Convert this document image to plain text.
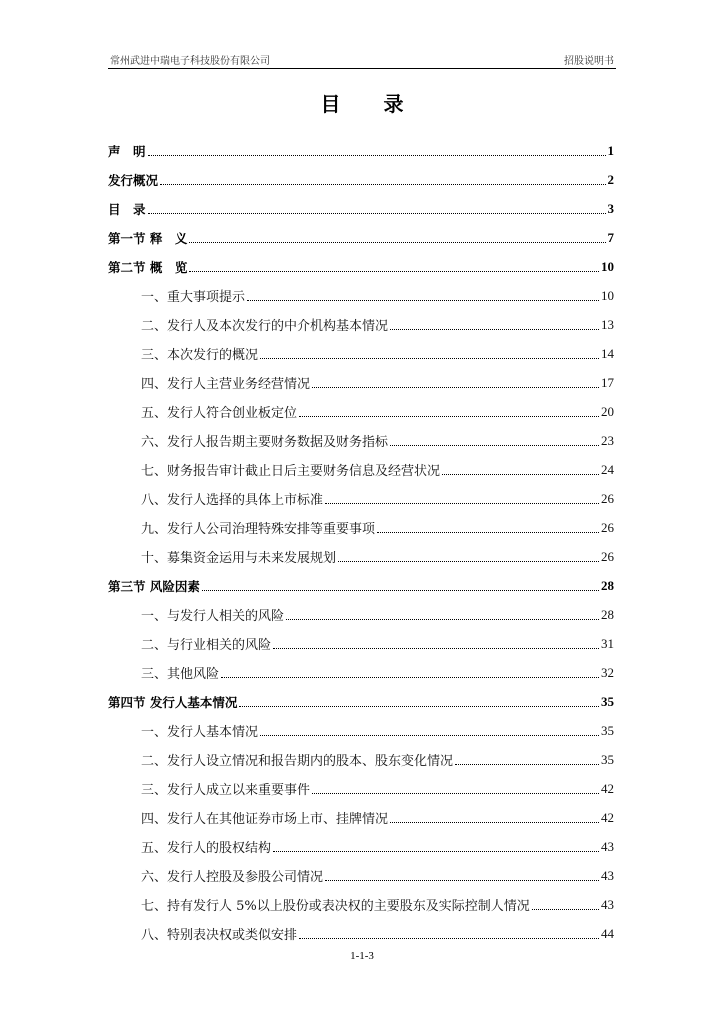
常州武进中瑞电子科技股份有限公司	招股说明书
目 录
声　明	1
发行概况	2
目　录	3
第一节 释　义	7
第二节 概　览	10
一、重大事项提示	10
二、发行人及本次发行的中介机构基本情况	13
三、本次发行的概况	14
四、发行人主营业务经营情况	17
五、发行人符合创业板定位	20
六、发行人报告期主要财务数据及财务指标	23
七、财务报告审计截止日后主要财务信息及经营状况	24
八、发行人选择的具体上市标准	26
九、发行人公司治理特殊安排等重要事项	26
十、募集资金运用与未来发展规划	26
第三节 风险因素	28
一、与发行人相关的风险	28
二、与行业相关的风险	31
三、其他风险	32
第四节 发行人基本情况	35
一、发行人基本情况	35
二、发行人设立情况和报告期内的股本、股东变化情况	35
三、发行人成立以来重要事件	42
四、发行人在其他证券市场上市、挂牌情况	42
五、发行人的股权结构	43
六、发行人控股及参股公司情况	43
七、持有发行人 5%以上股份或表决权的主要股东及实际控制人情况	43
八、特别表决权或类似安排	44
1-1-3
